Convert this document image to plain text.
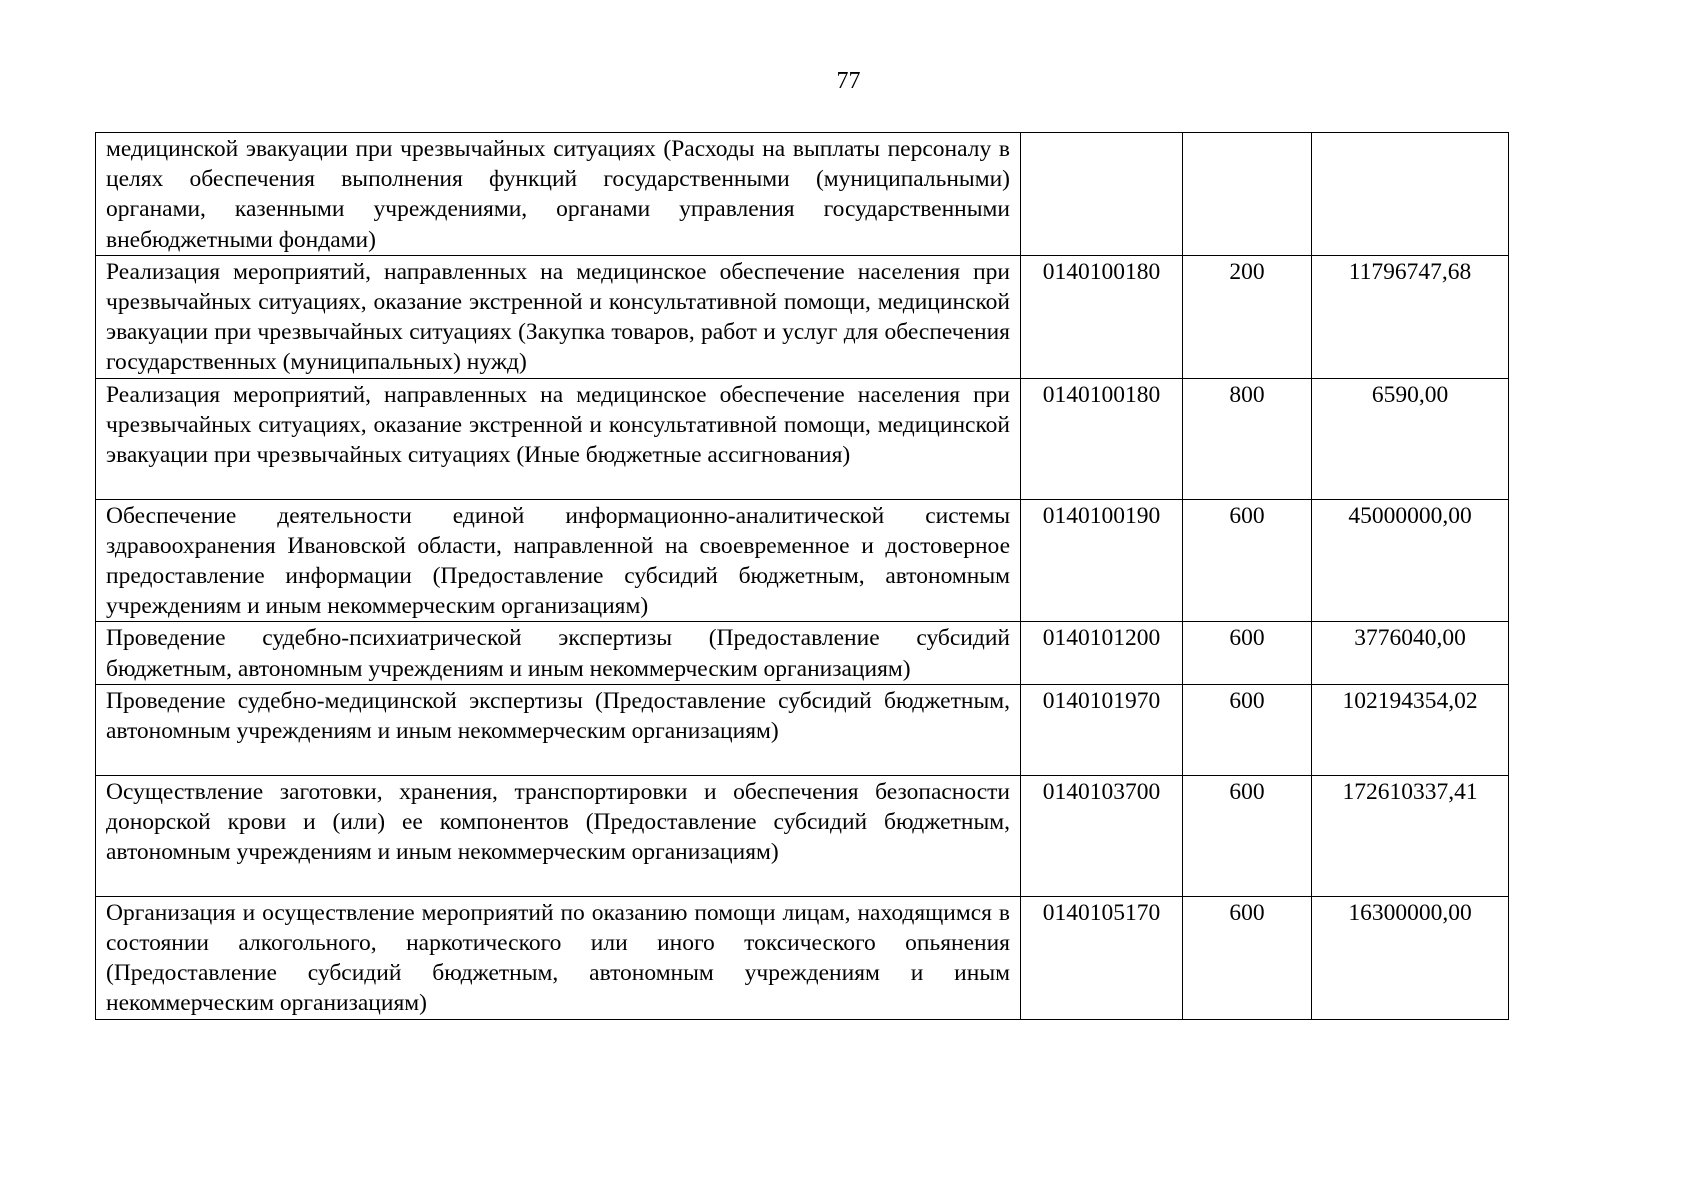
77
медицинской эвакуации при чрезвычайных ситуациях (Расходы на выплаты персоналу в целях обеспечения выполнения функций государственными (муниципальными) органами, казенными учреждениями, органами управления государственными внебюджетными фондами)			
Реализация мероприятий, направленных на медицинское обеспечение населения при чрезвычайных ситуациях, оказание экстренной и консультативной помощи, медицинской эвакуации при чрезвычайных ситуациях (Закупка товаров, работ и услуг для обеспечения государственных (муниципальных) нужд)	0140100180	200	11796747,68
Реализация мероприятий, направленных на медицинское обеспечение населения при чрезвычайных ситуациях, оказание экстренной и консультативной помощи, медицинской эвакуации при чрезвычайных ситуациях (Иные бюджетные ассигнования)	0140100180	800	6590,00
Обеспечение деятельности единой информационно-аналитической системы здравоохранения Ивановской области, направленной на своевременное и достоверное предоставление информации (Предоставление субсидий бюджетным, автономным учреждениям и иным некоммерческим организациям)	0140100190	600	45000000,00
Проведение судебно-психиатрической экспертизы (Предоставление субсидий бюджетным, автономным учреждениям и иным некоммерческим организациям)	0140101200	600	3776040,00
Проведение судебно-медицинской экспертизы (Предоставление субсидий бюджетным, автономным учреждениям и иным некоммерческим организациям)	0140101970	600	102194354,02
Осуществление заготовки, хранения, транспортировки и обеспечения безопасности донорской крови и (или) ее компонентов (Предоставление субсидий бюджетным, автономным учреждениям и иным некоммерческим организациям)	0140103700	600	172610337,41
Организация и осуществление мероприятий по оказанию помощи лицам, находящимся в состоянии алкогольного, наркотического или иного токсического опьянения (Предоставление субсидий бюджетным, автономным учреждениям и иным некоммерческим организациям)	0140105170	600	16300000,00
